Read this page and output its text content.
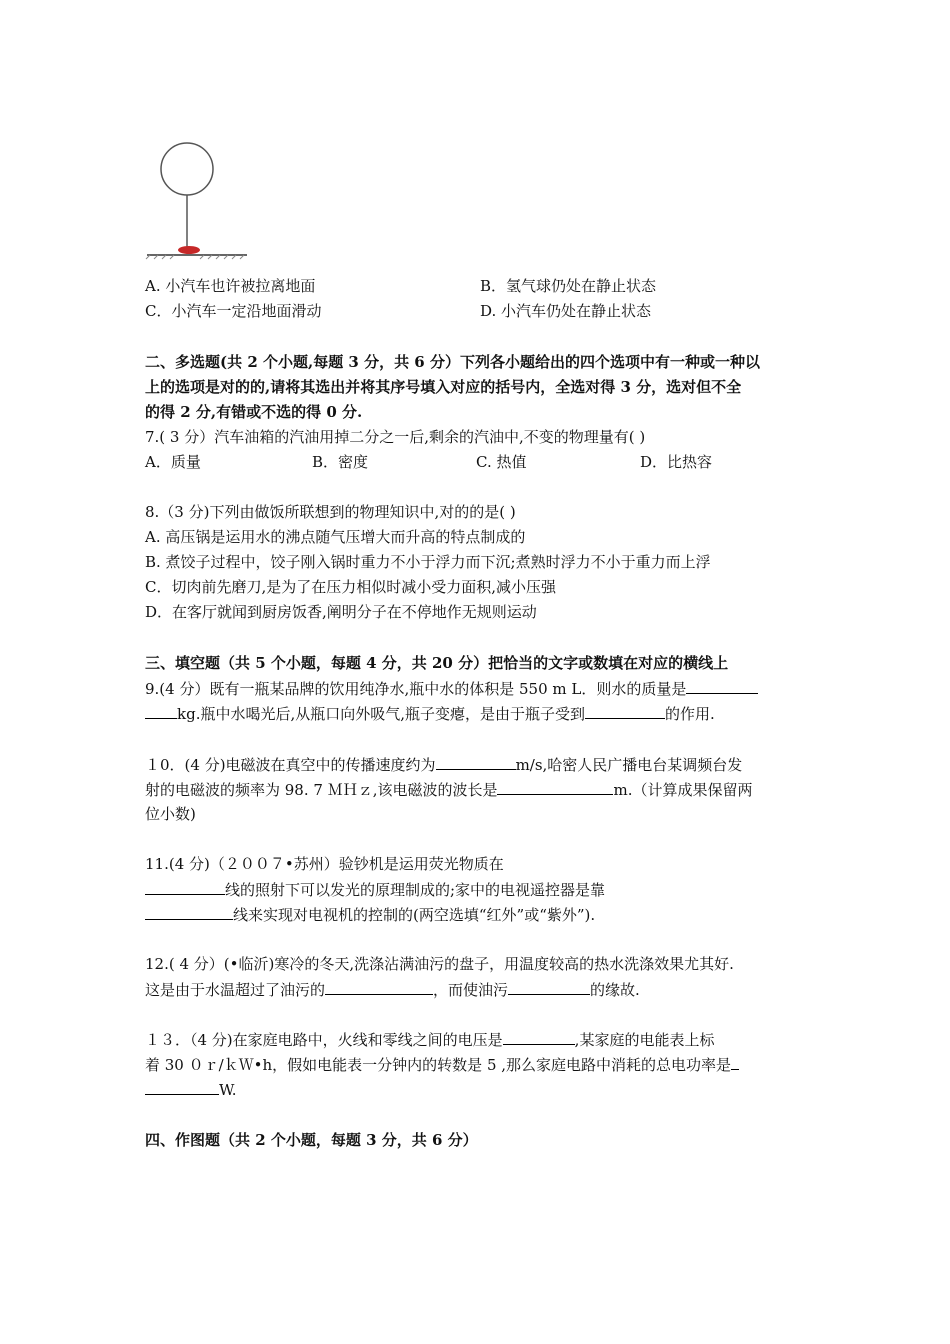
A. 小汽车也许被拉离地面	B．氢气球仍处在静止状态
C．小汽车一定沿地面滑动	D. 小汽车仍处在静止状态
二、多选题(共 2 个小题,每题 3 分，共 6 分）下列各小题给出的四个选项中有一种或一种以
上的选项是对的的,请将其选出并将其序号填入对应的括号内，全选对得 3 分，选对但不全
的得 2 分,有错或不选的得 0 分.
7.( 3 分）汽车油箱的汽油用掉二分之一后,剩余的汽油中,不变的物理量有( )
A．质量	B．密度	C. 热值	D．比热容
8.（3 分)下列由做饭所联想到的物理知识中,对的的是( )
A. 高压锅是运用水的沸点随气压增大而升高的特点制成的
B. 煮饺子过程中，饺子刚入锅时重力不小于浮力而下沉;煮熟时浮力不小于重力而上浮
C．切肉前先磨刀,是为了在压力相似时减小受力面积,减小压强
D．在客厅就闻到厨房饭香,阐明分子在不停地作无规则运动
三、填空题（共 5 个小题，每题 4 分，共 20 分）把恰当的文字或数填在对应的横线上
9.(4 分）既有一瓶某品牌的饮用纯净水,瓶中水的体积是 550 m L．则水的质量是
kg.瓶中水喝光后,从瓶口向外吸气,瓶子变瘪，是由于瓶子受到	的作用.
１0．(4 分)电磁波在真空中的传播速度约为	m/s,哈密人民广播电台某调频台发
射的电磁波的频率为 98. 7 ＭＨｚ,该电磁波的波长是	m.（计算成果保留两
位小数)
11.(4 分)（２００７•苏州）验钞机是运用荧光物质在
线的照射下可以发光的原理制成的;家中的电视遥控器是靠
线来实现对电视机的控制的(两空选填“红外”或“紫外”).
12.( 4 分）(•临沂)寒冷的冬天,洗涤沾满油污的盘子，用温度较高的热水洗涤效果尤其好.
这是由于水温超过了油污的	，而使油污	的缘故.
１３．（4 分)在家庭电路中，火线和零线之间的电压是	,某家庭的电能表上标
着 30 ０ｒ/ｋＷ•h，假如电能表一分钟内的转数是 5 ,那么家庭电路中消耗的总电功率是
W.
四、作图题（共 2 个小题，每题 3 分，共 6 分）
